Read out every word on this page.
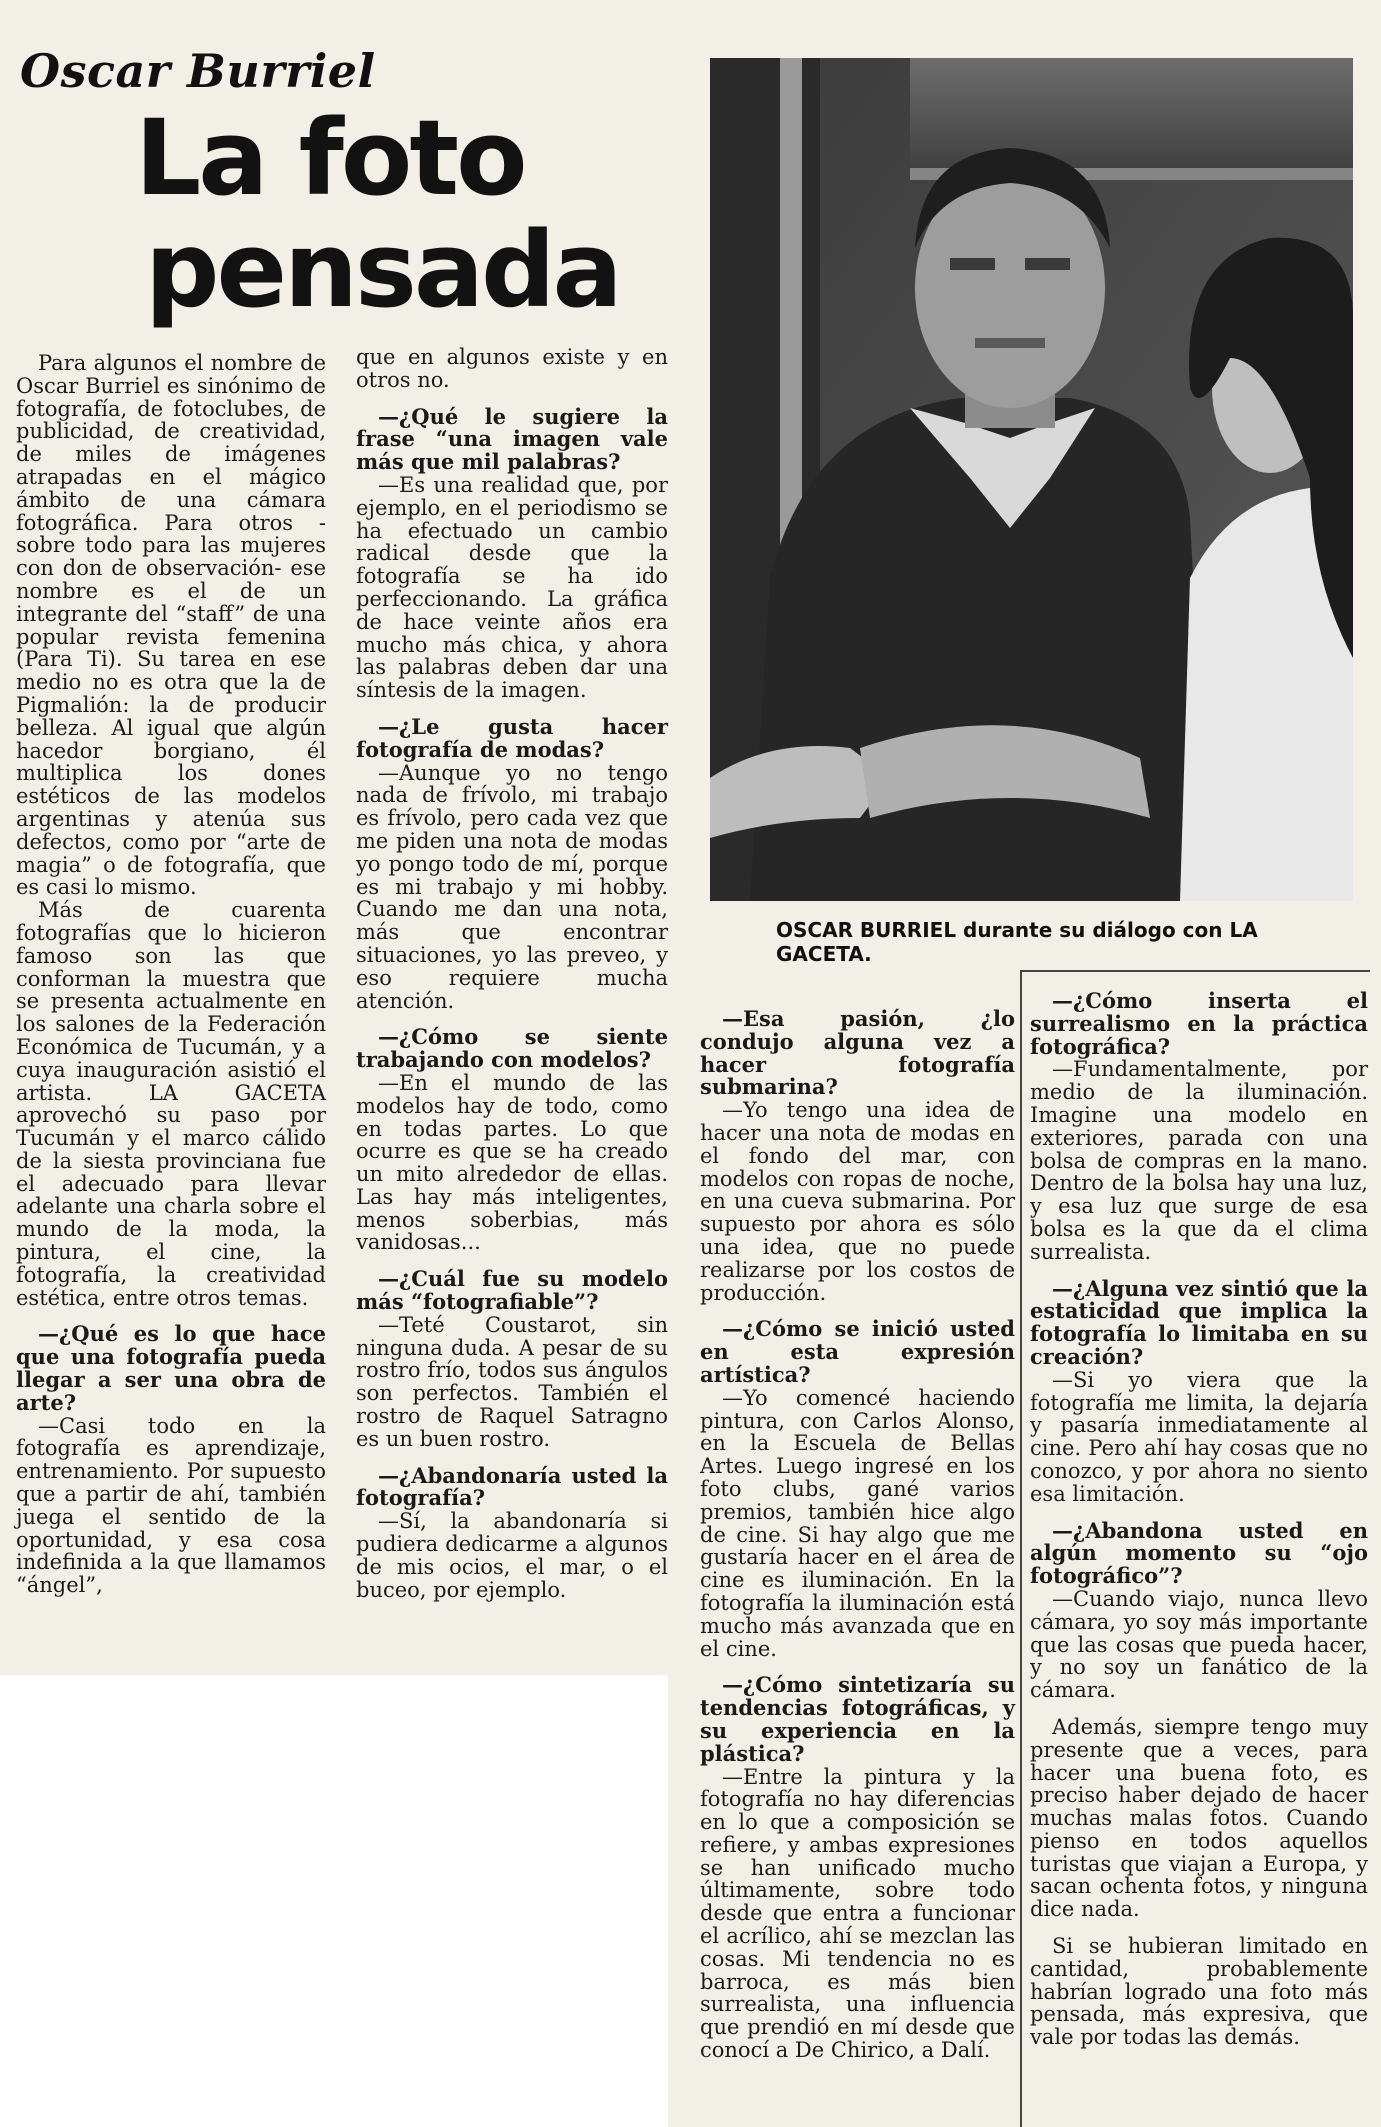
Oscar Burriel
La foto
pensada

Para algunos el nombre de Oscar Burriel es sinónimo de fotografía, de fotoclubes, de publicidad, de creatividad, de miles de imágenes atrapadas en el mágico ámbito de una cámara fotográfica. Para otros -sobre todo para las mujeres con don de observación- ese nombre es el de un integrante del “staff” de una popular revista femenina (Para Ti). Su tarea en ese medio no es otra que la de Pigmalión: la de producir belleza. Al igual que algún hacedor borgiano, él multiplica los dones estéticos de las modelos argentinas y atenúa sus defectos, como por “arte de magia” o de fotografía, que es casi lo mismo.

Más de cuarenta fotografías que lo hicieron famoso son las que conforman la muestra que se presenta actualmente en los salones de la Federación Económica de Tucumán, y a cuya inauguración asistió el artista. LA GACETA aprovechó su paso por Tucumán y el marco cálido de la siesta provinciana fue el adecuado para llevar adelante una charla sobre el mundo de la moda, la pintura, el cine, la fotografía, la creatividad estética, entre otros temas.

—¿Qué es lo que hace que una fotografía pueda llegar a ser una obra de arte?

—Casi todo en la fotografía es aprendizaje, entrenamiento. Por supuesto que a partir de ahí, también juega el sentido de la oportunidad, y esa cosa indefinida a la que llamamos “ángel”,

que en algunos existe y en otros no.

—¿Qué le sugiere la frase “una imagen vale más que mil palabras?

—Es una realidad que, por ejemplo, en el periodismo se ha efectuado un cambio radical desde que la fotografía se ha ido perfeccionando. La gráfica de hace veinte años era mucho más chica, y ahora las palabras deben dar una síntesis de la imagen.

—¿Le gusta hacer fotografía de modas?

—Aunque yo no tengo nada de frívolo, mi trabajo es frívolo, pero cada vez que me piden una nota de modas yo pongo todo de mí, porque es mi trabajo y mi hobby. Cuando me dan una nota, más que encontrar situaciones, yo las preveo, y eso requiere mucha atención.

—¿Cómo se siente trabajando con modelos?

—En el mundo de las modelos hay de todo, como en todas partes. Lo que ocurre es que se ha creado un mito alrededor de ellas. Las hay más inteligentes, menos soberbias, más vanidosas...

—¿Cuál fue su modelo más “fotografiable”?

—Teté Coustarot, sin ninguna duda. A pesar de su rostro frío, todos sus ángulos son perfectos. También el rostro de Raquel Satragno es un buen rostro.

—¿Abandonaría usted la fotografía?

—Sí, la abandonaría si pudiera dedicarme a algunos de mis ocios, el mar, o el buceo, por ejemplo.

OSCAR BURRIEL durante su diálogo con LA GACETA.

—Esa pasión, ¿lo condujo alguna vez a hacer fotografía submarina?

—Yo tengo una idea de hacer una nota de modas en el fondo del mar, con modelos con ropas de noche, en una cueva submarina. Por supuesto por ahora es sólo una idea, que no puede realizarse por los costos de producción.

—¿Cómo se inició usted en esta expresión artística?

—Yo comencé haciendo pintura, con Carlos Alonso, en la Escuela de Bellas Artes. Luego ingresé en los foto clubs, gané varios premios, también hice algo de cine. Si hay algo que me gustaría hacer en el área de cine es iluminación. En la fotografía la iluminación está mucho más avanzada que en el cine.

—¿Cómo sintetizaría su tendencias fotográficas, y su experiencia en la plástica?

—Entre la pintura y la fotografía no hay diferencias en lo que a composición se refiere, y ambas expresiones se han unificado mucho últimamente, sobre todo desde que entra a funcionar el acrílico, ahí se mezclan las cosas. Mi tendencia no es barroca, es más bien surrealista, una influencia que prendió en mí desde que conocí a De Chirico, a Dalí.

—¿Cómo inserta el surrealismo en la práctica fotográfica?

—Fundamentalmente, por medio de la iluminación. Imagine una modelo en exteriores, parada con una bolsa de compras en la mano. Dentro de la bolsa hay una luz, y esa luz que surge de esa bolsa es la que da el clima surrealista.

—¿Alguna vez sintió que la estaticidad que implica la fotografía lo limitaba en su creación?

—Si yo viera que la fotografía me limita, la dejaría y pasaría inmediatamente al cine. Pero ahí hay cosas que no conozco, y por ahora no siento esa limitación.

—¿Abandona usted en algún momento su “ojo fotográfico”?

—Cuando viajo, nunca llevo cámara, yo soy más importante que las cosas que pueda hacer, y no soy un fanático de la cámara.

Además, siempre tengo muy presente que a veces, para hacer una buena foto, es preciso haber dejado de hacer muchas malas fotos. Cuando pienso en todos aquellos turistas que viajan a Europa, y sacan ochenta fotos, y ninguna dice nada.

Si se hubieran limitado en cantidad, probablemente habrían logrado una foto más pensada, más expresiva, que vale por todas las demás.
